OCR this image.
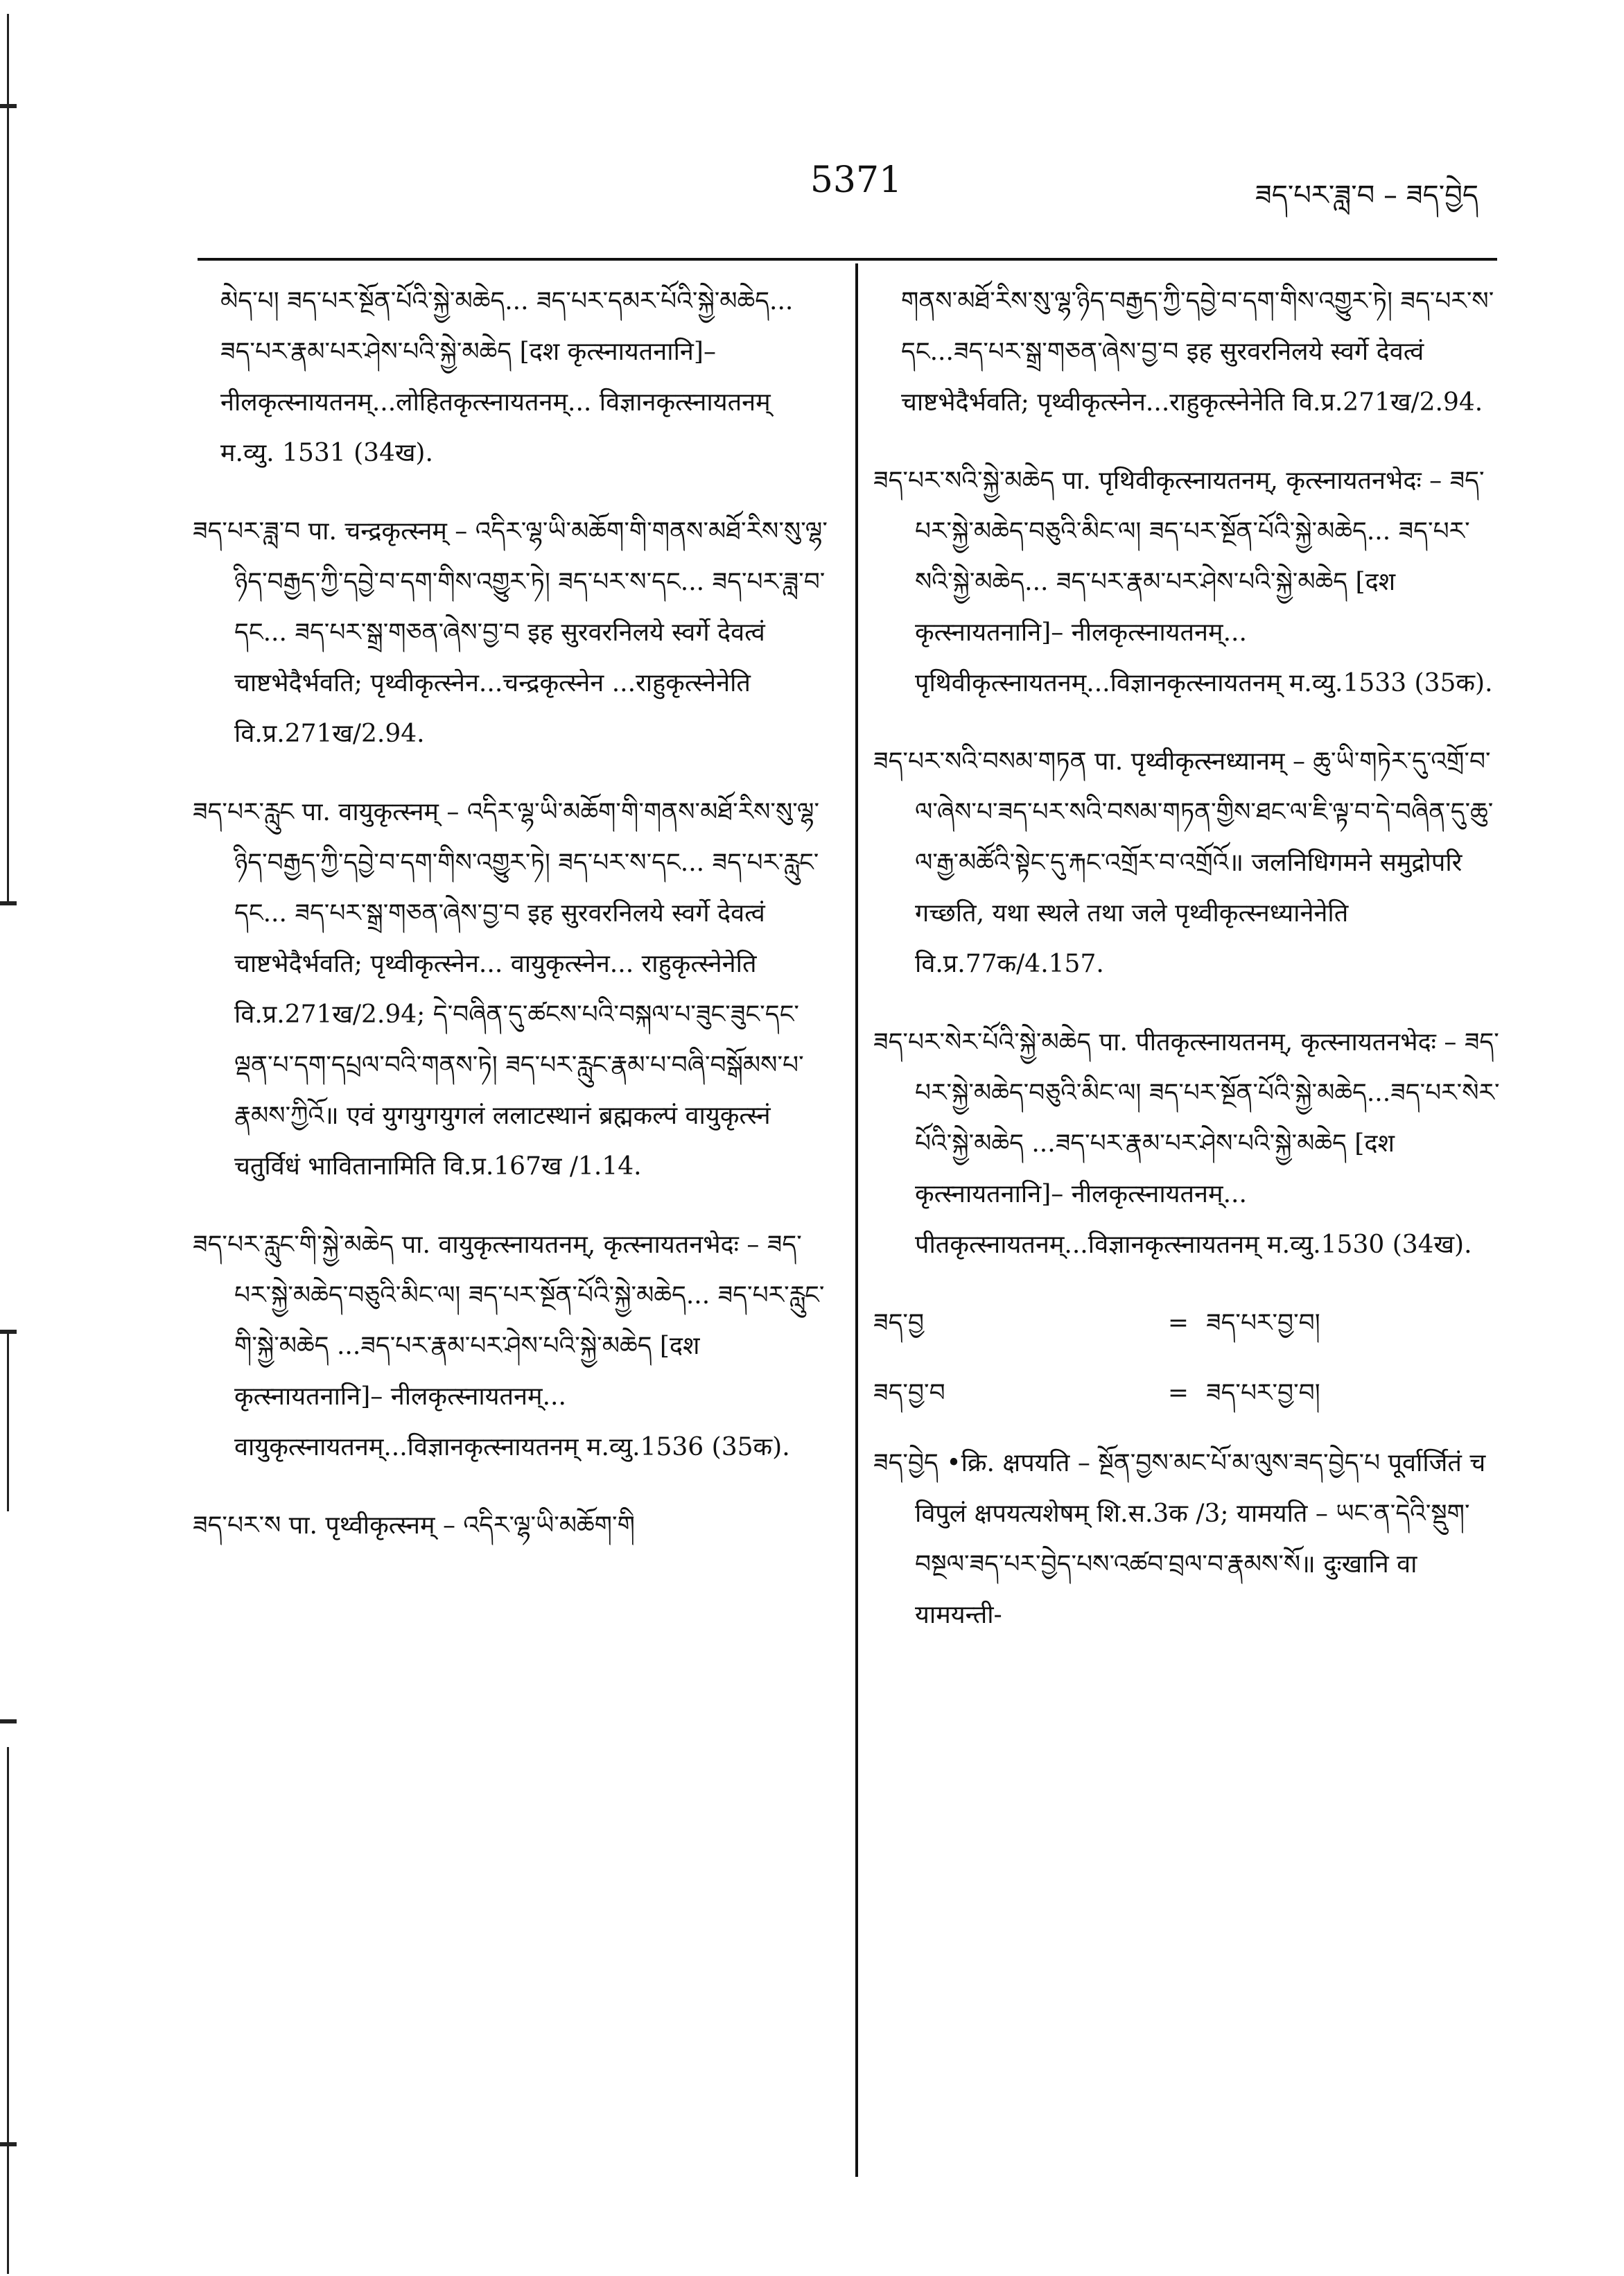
5371	ཟད་པར་ཟླ་བ – ཟད་བྱེད
མེད་པ། ཟད་པར་སྔོན་པོའི་སྐྱེ་མཆེད... ཟད་པར་དམར་པོའི་སྐྱེ་མཆེད... ཟད་པར་རྣམ་པར་ཤེས་པའི་སྐྱེ་མཆེད [दश कृत्स्नायतनानि]– नीलकृत्स्नायतनम्...लोहितकृत्स्नायतनम्... विज्ञानकृत्स्नायतनम् म.व्यु. 1531 (34ख).
ཟད་པར་ཟླ་བ पा. चन्द्रकृत्स्नम् – འདིར་ལྷ་ཡི་མཆོག་གི་གནས་མཐོ་རིས་སུ་ལྷ་ཉིད་བརྒྱད་ཀྱི་དབྱེ་བ་དག་གིས་འགྱུར་ཏེ། ཟད་པར་ས་དང... ཟད་པར་ཟླ་བ་དང... ཟད་པར་སྒྲ་གཅན་ཞེས་བྱ་བ इह सुरवरनिलये स्वर्गे देवत्वं चाष्टभेदैर्भवति; पृथ्वीकृत्स्नेन...चन्द्रकृत्स्नेन ...राहुकृत्स्नेनेति वि.प्र.271ख/2.94.
ཟད་པར་རླུང पा. वायुकृत्स्नम् – འདིར་ལྷ་ཡི་མཆོག་གི་གནས་མཐོ་རིས་སུ་ལྷ་ཉིད་བརྒྱད་ཀྱི་དབྱེ་བ་དག་གིས་འགྱུར་ཏེ། ཟད་པར་ས་དང... ཟད་པར་རླུང་དང... ཟད་པར་སྒྲ་གཅན་ཞེས་བྱ་བ इह सुरवरनिलये स्वर्गे देवत्वं चाष्टभेदैर्भवति; पृथ्वीकृत्स्नेन... वायुकृत्स्नेन... राहुकृत्स्नेनेति वि.प्र.271ख/2.94; དེ་བཞིན་དུ་ཚངས་པའི་བསྐལ་པ་ཟུང་ཟུང་དང་ལྡན་པ་དག་དཔྲལ་བའི་གནས་ཏེ། ཟད་པར་རླུང་རྣམ་པ་བཞི་བསྒོམས་པ་རྣམས་ཀྱིའོ॥ एवं युगयुगयुगलं ललाटस्थानं ब्रह्मकल्पं वायुकृत्स्नं चतुर्विधं भावितानामिति वि.प्र.167ख /1.14.
ཟད་པར་རླུང་གི་སྐྱེ་མཆེད पा. वायुकृत्स्नायतनम्, कृत्स्नायतनभेदः – ཟད་པར་སྐྱེ་མཆེད་བཅུའི་མིང་ལ། ཟད་པར་སྔོན་པོའི་སྐྱེ་མཆེད... ཟད་པར་རླུང་གི་སྐྱེ་མཆེད ...ཟད་པར་རྣམ་པར་ཤེས་པའི་སྐྱེ་མཆེད [दश कृत्स्नायतनानि]– नीलकृत्स्नायतनम्... वायुकृत्स्नायतनम्...विज्ञानकृत्स्नायतनम् म.व्यु.1536 (35क).
ཟད་པར་ས पा. पृथ्वीकृत्स्नम् – འདིར་ལྷ་ཡི་མཆོག་གི
གནས་མཐོ་རིས་སུ་ལྷ་ཉིད་བརྒྱད་ཀྱི་དབྱེ་བ་དག་གིས་འགྱུར་ཏེ། ཟད་པར་ས་དང...ཟད་པར་སྒྲ་གཅན་ཞེས་བྱ་བ इह सुरवरनिलये स्वर्गे देवत्वं चाष्टभेदैर्भवति; पृथ्वीकृत्स्नेन...राहुकृत्स्नेनेति वि.प्र.271ख/2.94.
ཟད་པར་སའི་སྐྱེ་མཆེད पा. पृथिवीकृत्स्नायतनम्, कृत्स्नायतनभेदः – ཟད་པར་སྐྱེ་མཆེད་བཅུའི་མིང་ལ། ཟད་པར་སྔོན་པོའི་སྐྱེ་མཆེད... ཟད་པར་སའི་སྐྱེ་མཆེད... ཟད་པར་རྣམ་པར་ཤེས་པའི་སྐྱེ་མཆེད [दश कृत्स्नायतनानि]– नीलकृत्स्नायतनम्... पृथिवीकृत्स्नायतनम्...विज्ञानकृत्स्नायतनम् म.व्यु.1533 (35क).
ཟད་པར་སའི་བསམ་གཏན पा. पृथ्वीकृत्स्नध्यानम् – ཆུ་ཡི་གཏེར་དུ་འགྲོ་བ་ལ་ཞེས་པ་ཟད་པར་སའི་བསམ་གཏན་གྱིས་ཐང་ལ་ཇི་ལྟ་བ་དེ་བཞིན་དུ་ཆུ་ལ་རྒྱ་མཚོའི་སྟེང་དུ་རྐང་འགྲོར་བ་འགྲོའོ॥ जलनिधिगमने समुद्रोपरि गच्छति, यथा स्थले तथा जले पृथ्वीकृत्स्नध्यानेनेति वि.प्र.77क/4.157.
ཟད་པར་སེར་པོའི་སྐྱེ་མཆེད पा. पीतकृत्स्नायतनम्, कृत्स्नायतनभेदः – ཟད་པར་སྐྱེ་མཆེད་བཅུའི་མིང་ལ། ཟད་པར་སྔོན་པོའི་སྐྱེ་མཆེད...ཟད་པར་སེར་པོའི་སྐྱེ་མཆེད ...ཟད་པར་རྣམ་པར་ཤེས་པའི་སྐྱེ་མཆེད [दश कृत्स्नायतनानि]– नीलकृत्स्नायतनम्... पीतकृत्स्नायतनम्...विज्ञानकृत्स्नायतनम् म.व्यु.1530 (34ख).
ཟད་བྱ	= ཟད་པར་བྱ་བ།
ཟད་བྱ་བ	= ཟད་པར་བྱ་བ།
ཟད་བྱེད •क्रि. क्षपयति – སྔོན་བྱས་མང་པོ་མ་ལུས་ཟད་བྱེད་པ पूर्वार्जितं च विपुलं क्षपयत्यशेषम् शि.स.3क /3; यामयति – ཡང་ན་དེའི་སྡུག་བསྔལ་ཟད་པར་བྱེད་པས་འཚབ་བྲལ་བ་རྣམས་སོ॥ दुःखानि वा यामयन्ती-
